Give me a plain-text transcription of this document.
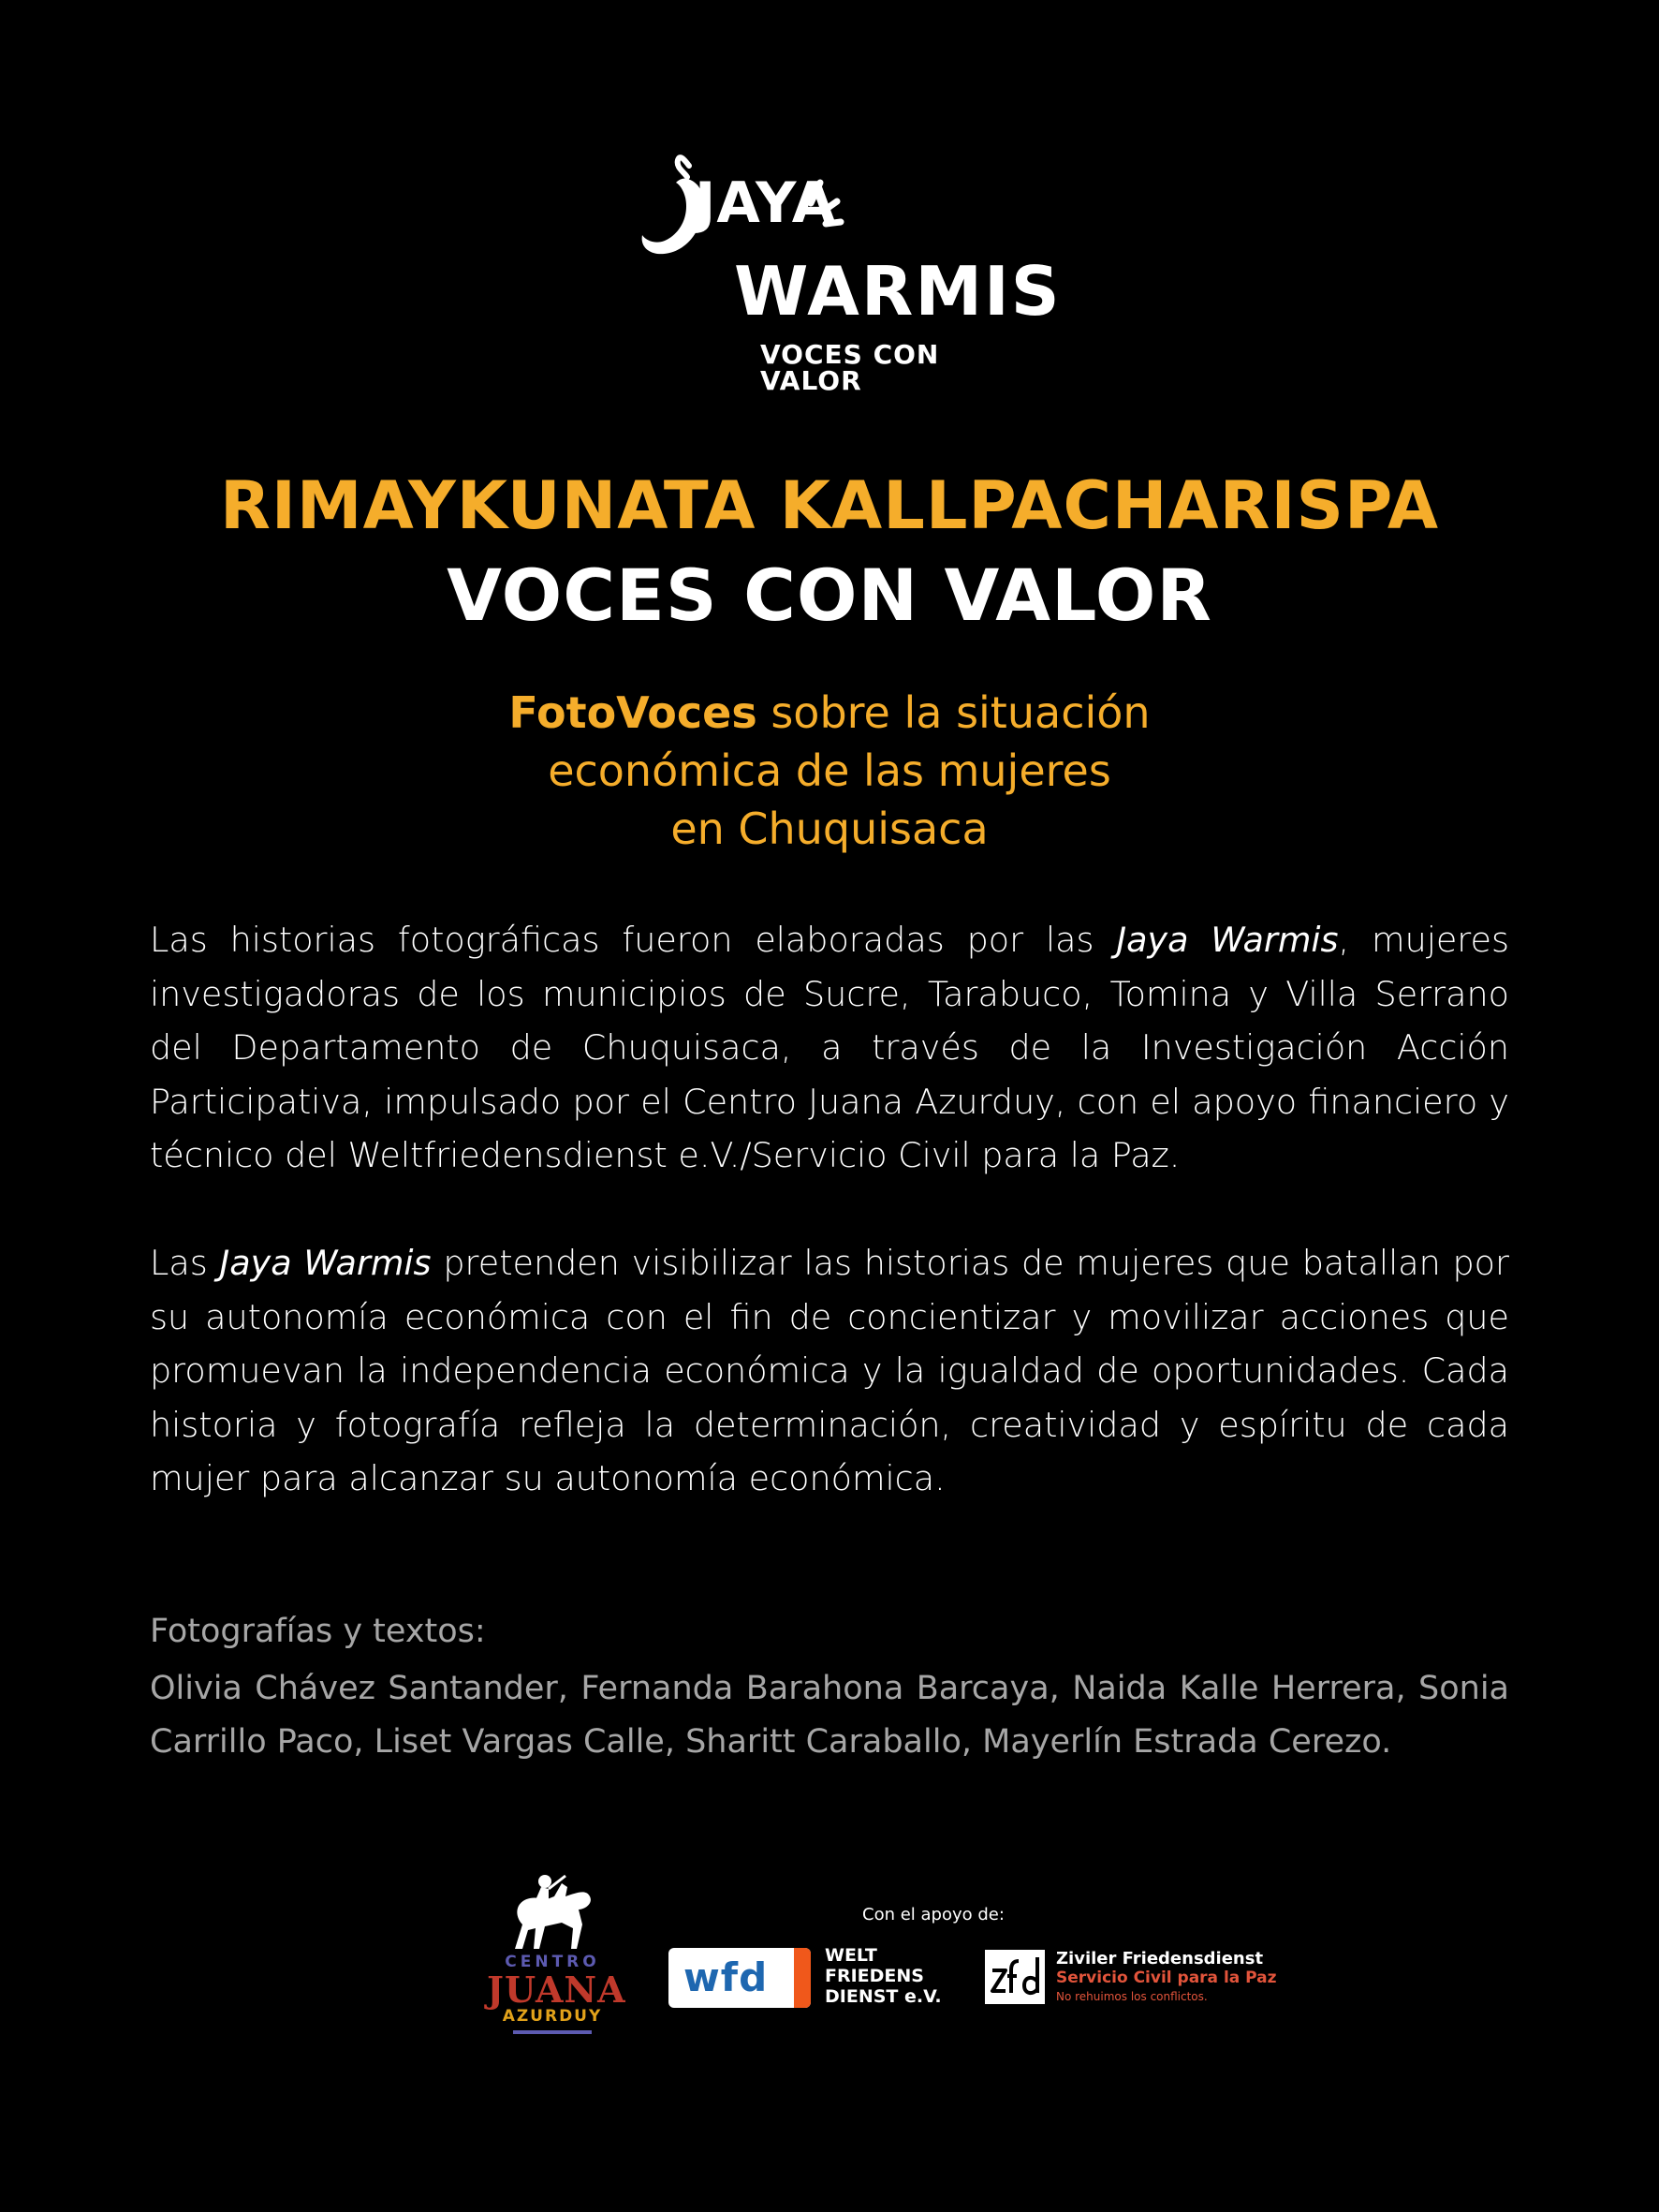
JAYA
WARMIS
VOCES CON VALOR
RIMAYKUNATA KALLPACHARISPA
VOCES CON VALOR
FotoVoces sobre la situación
económica de las mujeres
en Chuquisaca
Las historias fotográficas fueron elaboradas por las Jaya Warmis, mujeres investigadoras de los municipios de Sucre, Tarabuco, Tomina y Villa Serrano del Departamento de Chuquisaca, a través de la Investigación Acción Participativa, impulsado por el Centro Juana Azurduy, con el apoyo financiero y técnico del Weltfriedensdienst e.V./Servicio Civil para la Paz.
Las Jaya Warmis pretenden visibilizar las historias de mujeres que batallan por su autonomía económica con el fin de concientizar y movilizar acciones que promuevan la independencia económica y la igualdad de oportunidades. Cada historia y fotografía refleja la determinación, creatividad y espíritu de cada mujer para alcanzar su autonomía económica.
Fotografías y textos:
Olivia Chávez Santander, Fernanda Barahona Barcaya, Naida Kalle Herrera, Sonia Carrillo Paco, Liset Vargas Calle, Sharitt Caraballo, Mayerlín Estrada Cerezo.
CENTRO
JUANA
AZURDUY
Con el apoyo de:
wfd	WELT
FRIEDENS
DIENST e.V.
Ziviler Friedensdienst
Servicio Civil para la Paz
No rehuimos los conflictos.
